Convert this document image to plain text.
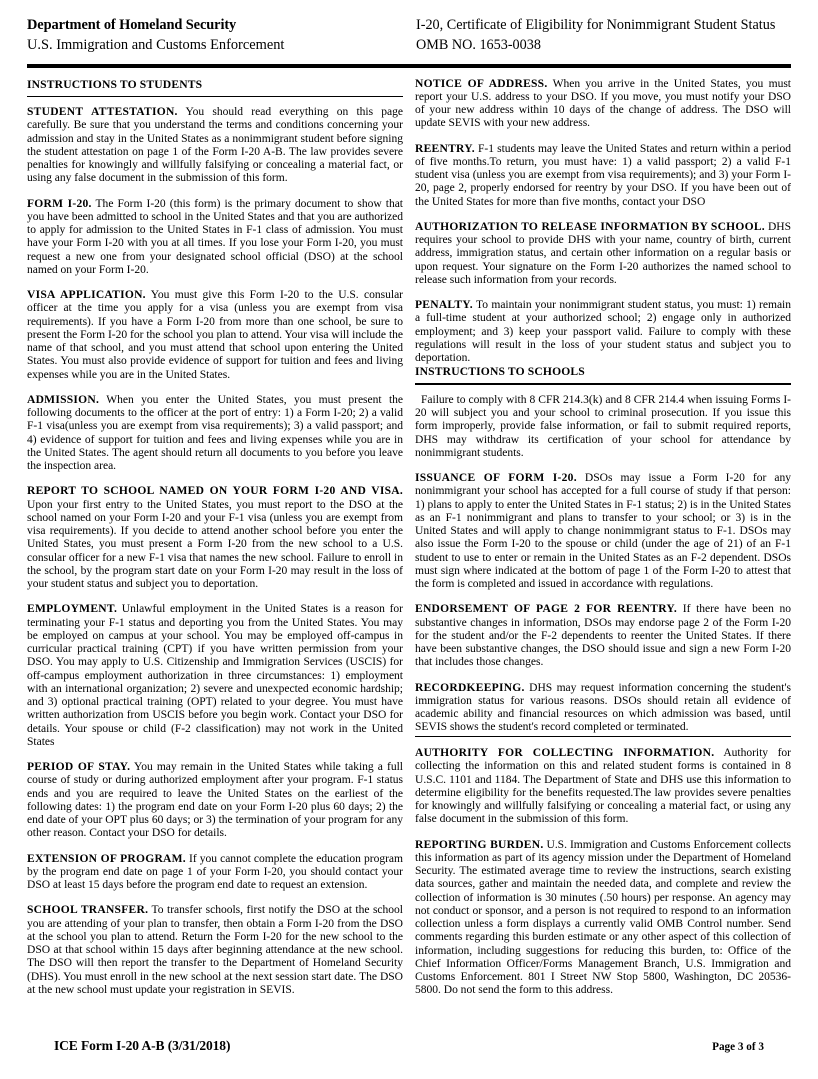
Department of Homeland Security
U.S. Immigration and Customs Enforcement
I-20, Certificate of Eligibility for Nonimmigrant Student Status
OMB NO. 1653-0038
INSTRUCTIONS TO STUDENTS

STUDENT ATTESTATION. You should read everything on this page carefully. Be sure that you understand the terms and conditions concerning your admission and stay in the United States as a nonimmigrant student before signing the student attestation on page 1 of the Form I-20 A-B. The law provides severe penalties for knowingly and willfully falsifying or concealing a material fact, or using any false document in the submission of this form.

FORM I-20. The Form I-20 (this form) is the primary document to show that you have been admitted to school in the United States and that you are authorized to apply for admission to the United States in F-1 class of admission. You must have your Form I-20 with you at all times. If you lose your Form I-20, you must request a new one from your designated school official (DSO) at the school named on your Form I-20.

VISA APPLICATION. You must give this Form I-20 to the U.S. consular officer at the time you apply for a visa (unless you are exempt from visa requirements). If you have a Form I-20 from more than one school, be sure to present the Form I-20 for the school you plan to attend. Your visa will include the name of that school, and you must attend that school upon entering the United States. You must also provide evidence of support for tuition and fees and living expenses while you are in the United States.

ADMISSION. When you enter the United States, you must present the following documents to the officer at the port of entry: 1) a Form I-20; 2) a valid F-1 visa(unless you are exempt from visa requirements); 3) a valid passport; and 4) evidence of support for tuition and fees and living expenses while you are in the United States. The agent should return all documents to you before you leave the inspection area.

REPORT TO SCHOOL NAMED ON YOUR FORM I-20 AND VISA. Upon your first entry to the United States, you must report to the DSO at the school named on your Form I-20 and your F-1 visa (unless you are exempt from visa requirements). If you decide to attend another school before you enter the United States, you must present a Form I-20 from the new school to a U.S. consular officer for a new F-1 visa that names the new school. Failure to enroll in the school, by the program start date on your Form I-20 may result in the loss of your student status and subject you to deportation.

EMPLOYMENT. Unlawful employment in the United States is a reason for terminating your F-1 status and deporting you from the United States. You may be employed on campus at your school. You may be employed off-campus in curricular practical training (CPT) if you have written permission from your DSO. You may apply to U.S. Citizenship and Immigration Services (USCIS) for off-campus employment authorization in three circumstances: 1) employment with an international organization; 2) severe and unexpected economic hardship; and 3) optional practical training (OPT) related to your degree. You must have written authorization from USCIS before you begin work. Contact your DSO for details. Your spouse or child (F-2 classification) may not work in the United States

PERIOD OF STAY. You may remain in the United States while taking a full course of study or during authorized employment after your program. F-1 status ends and you are required to leave the United States on the earliest of the following dates: 1) the program end date on your Form I-20 plus 60 days; 2) the end date of your OPT plus 60 days; or 3) the termination of your program for any other reason. Contact your DSO for details.

EXTENSION OF PROGRAM. If you cannot complete the education program by the program end date on page 1 of your Form I-20, you should contact your DSO at least 15 days before the program end date to request an extension.

SCHOOL TRANSFER. To transfer schools, first notify the DSO at the school you are attending of your plan to transfer, then obtain a Form I-20 from the DSO at the school you plan to attend. Return the Form I-20 for the new school to the DSO at that school within 15 days after beginning attendance at the new school. The DSO will then report the transfer to the Department of Homeland Security (DHS). You must enroll in the new school at the next session start date. The DSO at the new school must update your registration in SEVIS.

NOTICE OF ADDRESS. When you arrive in the United States, you must report your U.S. address to your DSO. If you move, you must notify your DSO of your new address within 10 days of the change of address. The DSO will update SEVIS with your new address.

REENTRY. F-1 students may leave the United States and return within a period of five months.To return, you must have: 1) a valid passport; 2) a valid F-1 student visa (unless you are exempt from visa requirements); and 3) your Form I-20, page 2, properly endorsed for reentry by your DSO. If you have been out of the United States for more than five months, contact your DSO

AUTHORIZATION TO RELEASE INFORMATION BY SCHOOL. DHS requires your school to provide DHS with your name, country of birth, current address, immigration status, and certain other information on a regular basis or upon request. Your signature on the Form I-20 authorizes the named school to release such information from your records.

PENALTY. To maintain your nonimmigrant student status, you must: 1) remain a full-time student at your authorized school; 2) engage only in authorized employment; and 3) keep your passport valid. Failure to comply with these regulations will result in the loss of your student status and subject you to deportation.

INSTRUCTIONS TO SCHOOLS

Failure to comply with 8 CFR 214.3(k) and 8 CFR 214.4 when issuing Forms I-20 will subject you and your school to criminal prosecution. If you issue this form improperly, provide false information, or fail to submit required reports, DHS may withdraw its certification of your school for attendance by nonimmigrant students.

ISSUANCE OF FORM I-20. DSOs may issue a Form I-20 for any nonimmigrant your school has accepted for a full course of study if that person: 1) plans to apply to enter the United States in F-1 status; 2) is in the United States as an F-1 nonimmigrant and plans to transfer to your school; or 3) is in the United States and will apply to change nonimmigrant status to F-1. DSOs may also issue the Form I-20 to the spouse or child (under the age of 21) of an F-1 student to use to enter or remain in the United States as an F-2 dependent. DSOs must sign where indicated at the bottom of page 1 of the Form I-20 to attest that the form is completed and issued in accordance with regulations.

ENDORSEMENT OF PAGE 2 FOR REENTRY. If there have been no substantive changes in information, DSOs may endorse page 2 of the Form I-20 for the student and/or the F-2 dependents to reenter the United States. If there have been substantive changes, the DSO should issue and sign a new Form I-20 that includes those changes.

RECORDKEEPING. DHS may request information concerning the student's immigration status for various reasons. DSOs should retain all evidence of academic ability and financial resources on which admission was based, until SEVIS shows the student's record completed or terminated.

AUTHORITY FOR COLLECTING INFORMATION. Authority for collecting the information on this and related student forms is contained in 8 U.S.C. 1101 and 1184. The Department of State and DHS use this information to determine eligibility for the benefits requested.The law provides severe penalties for knowingly and willfully falsifying or concealing a material fact, or using any false document in the submission of this form.

REPORTING BURDEN. U.S. Immigration and Customs Enforcement collects this information as part of its agency mission under the Department of Homeland Security. The estimated average time to review the instructions, search existing data sources, gather and maintain the needed data, and complete and review the collection of information is 30 minutes (.50 hours) per response. An agency may not conduct or sponsor, and a person is not required to respond to an information collection unless a form displays a currently valid OMB Control number. Send comments regarding this burden estimate or any other aspect of this collection of information, including suggestions for reducing this burden, to: Office of the Chief Information Officer/Forms Management Branch, U.S. Immigration and Customs Enforcement. 801 I Street NW Stop 5800, Washington, DC 20536-5800. Do not send the form to this address.

ICE Form I-20 A-B (3/31/2018)	Page 3 of 3
